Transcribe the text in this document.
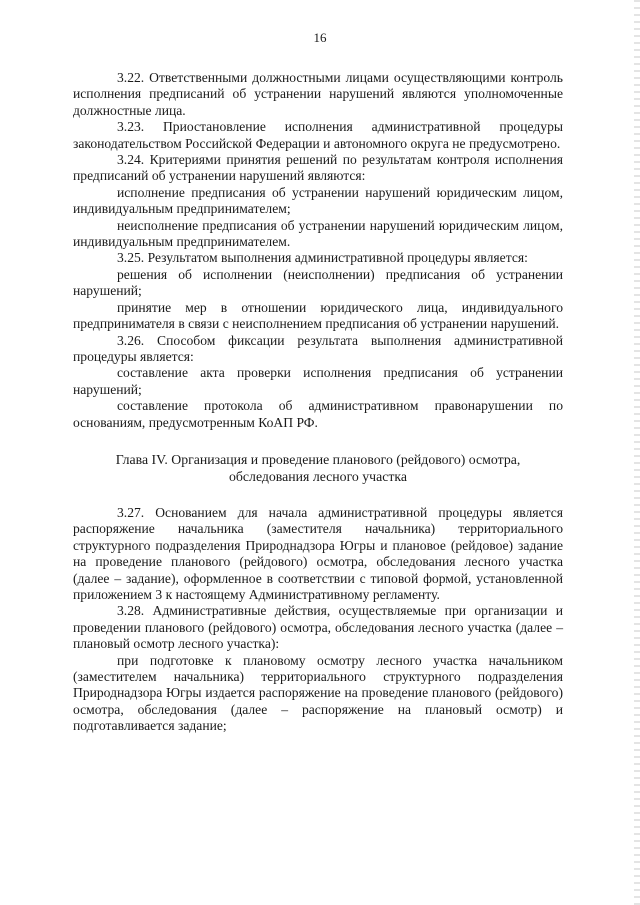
16

3.22. Ответственными должностными лицами осуществляющими контроль исполнения предписаний об устранении нарушений являются уполномоченные должностные лица.

3.23. Приостановление исполнения административной процедуры законодательством Российской Федерации и автономного округа не предусмотрено.

3.24. Критериями принятия решений по результатам контроля исполнения предписаний об устранении нарушений являются:

исполнение предписания об устранении нарушений юридическим лицом, индивидуальным предпринимателем;

неисполнение предписания об устранении нарушений юридическим лицом, индивидуальным предпринимателем.

3.25. Результатом выполнения административной процедуры является:

решения об исполнении (неисполнении) предписания об устранении нарушений;

принятие мер в отношении юридического лица, индивидуального предпринимателя в связи с неисполнением предписания об устранении нарушений.

3.26. Способом фиксации результата выполнения административной процедуры является:

составление акта проверки исполнения предписания об устранении нарушений;

составление протокола об административном правонарушении по основаниям, предусмотренным КоАП РФ.

Глава IV. Организация и проведение планового (рейдового) осмотра,
обследования лесного участка

3.27. Основанием для начала административной процедуры является распоряжение начальника (заместителя начальника) территориального структурного подразделения Природнадзора Югры и плановое (рейдовое) задание на проведение планового (рейдового) осмотра, обследования лесного участка (далее – задание), оформленное в соответствии с типовой формой, установленной приложением 3 к настоящему Административному регламенту.

3.28. Административные действия, осуществляемые при организации и проведении планового (рейдового) осмотра, обследования лесного участка (далее – плановый осмотр лесного участка):

при подготовке к плановому осмотру лесного участка начальником (заместителем начальника) территориального структурного подразделения Природнадзора Югры издается распоряжение на проведение планового (рейдового) осмотра, обследования (далее – распоряжение на плановый осмотр) и подготавливается задание;
